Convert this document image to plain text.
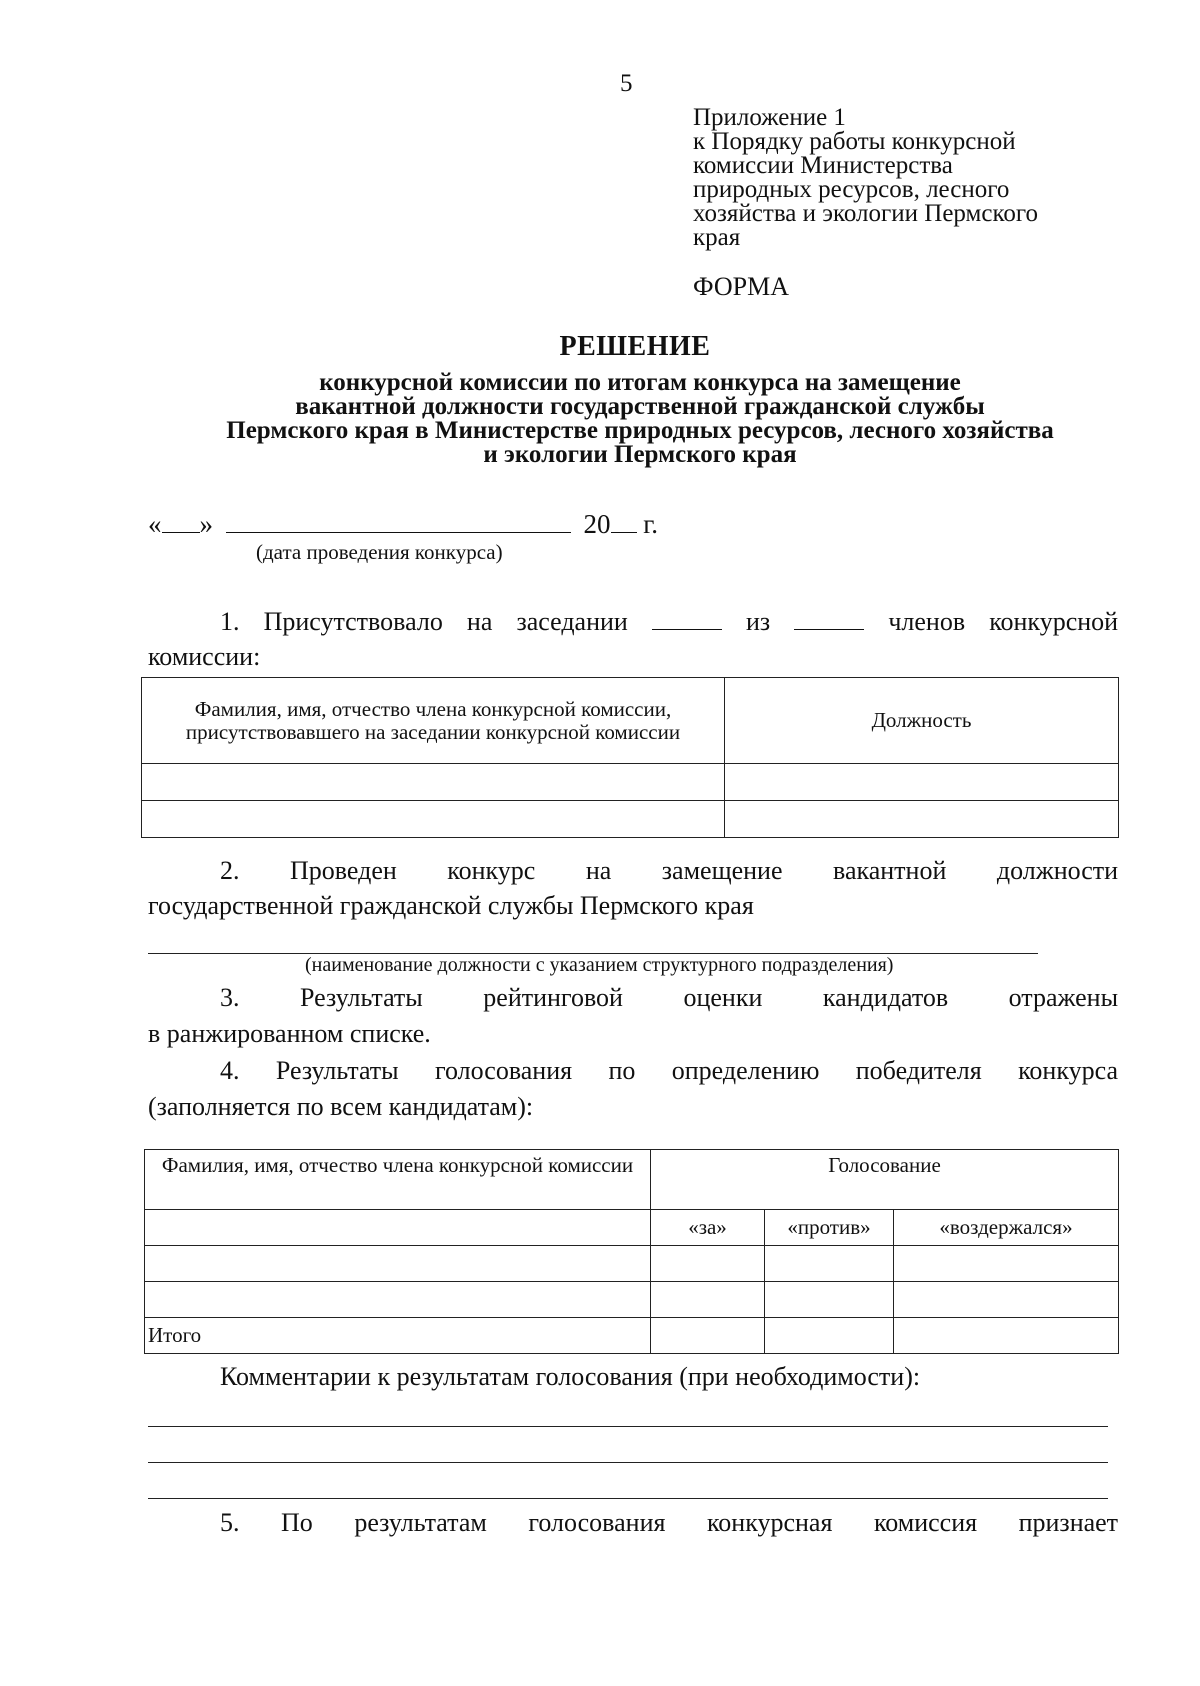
5
Приложение 1
к Порядку работы конкурсной
комиссии Министерства
природных ресурсов, лесного
хозяйства и экологии Пермского
края
ФОРМА
РЕШЕНИЕ
конкурсной комиссии по итогам конкурса на замещение
вакантной должности государственной гражданской службы
Пермского края в Министерстве природных ресурсов, лесного хозяйства
и экологии Пермского края
« »	20 г.
(дата проведения конкурса)
1. Присутствовало на заседании	из	членов конкурсной
комиссии:
Фамилия, имя, отчество члена конкурсной комиссии, присутствовавшего на заседании конкурсной комиссии	Должность

2. Проведен конкурс на замещение вакантной должности
государственной гражданской службы Пермского края
(наименование должности с указанием структурного подразделения)
3. Результаты рейтинговой оценки кандидатов отражены
в ранжированном списке.
4. Результаты голосования по определению победителя конкурса
(заполняется по всем кандидатам):
Фамилия, имя, отчество члена конкурсной комиссии	Голосование		
	«за»	«против»	«воздержался»

Итого			
Комментарии к результатам голосования (при необходимости):
5. По результатам голосования конкурсная комиссия признает
